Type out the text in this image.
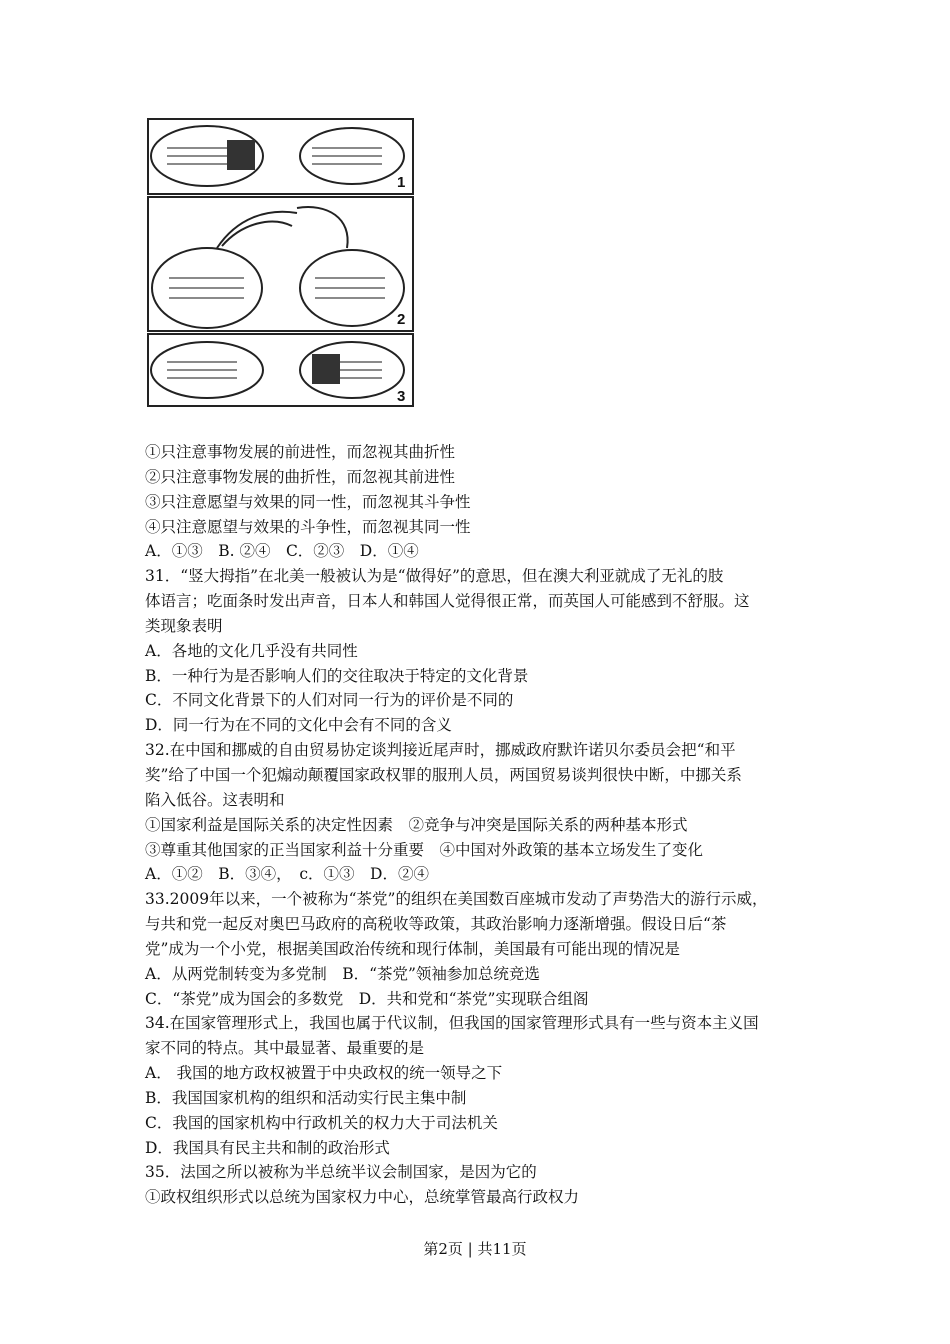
1
2
3
①只注意事物发展的前进性，而忽视其曲折性
②只注意事物发展的曲折性，而忽视其前进性
③只注意愿望与效果的同一性，而忽视其斗争性
④只注意愿望与效果的斗争性，而忽视其同一性
A．①③　B. ②④　C．②③　D．①④
31．“竖大拇指”在北美一般被认为是“做得好”的意思，但在澳大利亚就成了无礼的肢
体语言；吃面条时发出声音，日本人和韩国人觉得很正常，而英国人可能感到不舒服。这
类现象表明
A．各地的文化几乎没有共同性
B．一种行为是否影响人们的交往取决于特定的文化背景
C．不同文化背景下的人们对同一行为的评价是不同的
D．同一行为在不同的文化中会有不同的含义
32.在中国和挪威的自由贸易协定谈判接近尾声时，挪威政府默许诺贝尔委员会把“和平
奖”给了中国一个犯煽动颠覆国家政权罪的服刑人员，两国贸易谈判很快中断，中挪关系
陷入低谷。这表明和
①国家利益是国际关系的决定性因素　②竞争与冲突是国际关系的两种基本形式
③尊重其他国家的正当国家利益十分重要　④中国对外政策的基本立场发生了变化
A．①②　B．③④，　c．①③　D．②④
33.2009年以来，一个被称为“茶党”的组织在美国数百座城市发动了声势浩大的游行示威，
与共和党一起反对奥巴马政府的高税收等政策，其政治影响力逐渐增强。假设日后“茶
党”成为一个小党，根据美国政治传统和现行体制，美国最有可能出现的情况是
A．从两党制转变为多党制　B．“茶党”领袖参加总统竞选
C．“茶党”成为国会的多数党　D．共和党和“茶党”实现联合组阁
34.在国家管理形式上，我国也属于代议制，但我国的国家管理形式具有一些与资本主义国
家不同的特点。其中最显著、最重要的是
A． 我国的地方政权被置于中央政权的统一领导之下
B．我国国家机构的组织和活动实行民主集中制
C．我国的国家机构中行政机关的权力大于司法机关
D．我国具有民主共和制的政治形式
35．法国之所以被称为半总统半议会制国家，是因为它的
①政权组织形式以总统为国家权力中心，总统掌管最高行政权力
第2页 | 共11页
